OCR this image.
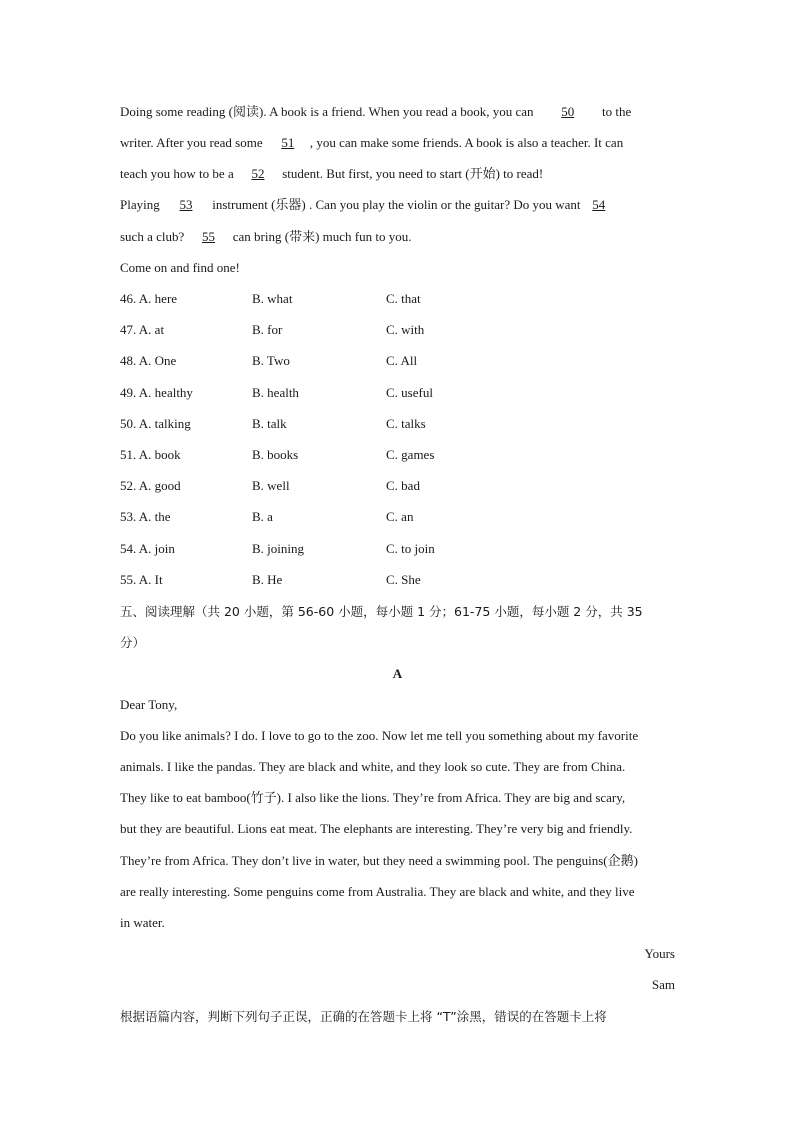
Doing some reading (阅读). A book is a friend. When you read a book, you can 50 to the
writer. After you read some 51 , you can make some friends. A book is also a teacher. It can
teach you how to be a 52 student. But first, you need to start (开始) to read!
Playing 53 instrument (乐器) . Can you play the violin or the guitar? Do you want 54
such a club? 55 can bring (带来) much fun to you.
Come on and find one!
46. A. here	B. what	C. that
47. A. at	B. for	C. with
48. A. One	B. Two	C. All
49. A. healthy	B. health	C. useful
50. A. talking	B. talk	C. talks
51. A. book	B. books	C. games
52. A. good	B. well	C. bad
53. A. the	B. a	C. an
54. A. join	B. joining	C. to join
55. A. It	B. He	C. She
五、阅读理解（共 20 小题，第 56-60 小题，每小题 1 分；61-75 小题，每小题 2 分，共 35
分）
A
Dear Tony,
Do you like animals? I do. I love to go to the zoo. Now let me tell you something about my favorite
animals. I like the pandas. They are black and white, and they look so cute. They are from China.
They like to eat bamboo(竹子). I also like the lions. They’re from Africa. They are big and scary,
but they are beautiful. Lions eat meat. The elephants are interesting. They’re very big and friendly.
They’re from Africa. They don’t live in water, but they need a swimming pool. The penguins(企鹅)
are really interesting. Some penguins come from Australia. They are black and white, and they live
in water.
Yours
Sam
根据语篇内容，判断下列句子正误，正确的在答题卡上将 “T”涂黑，错误的在答题卡上将
